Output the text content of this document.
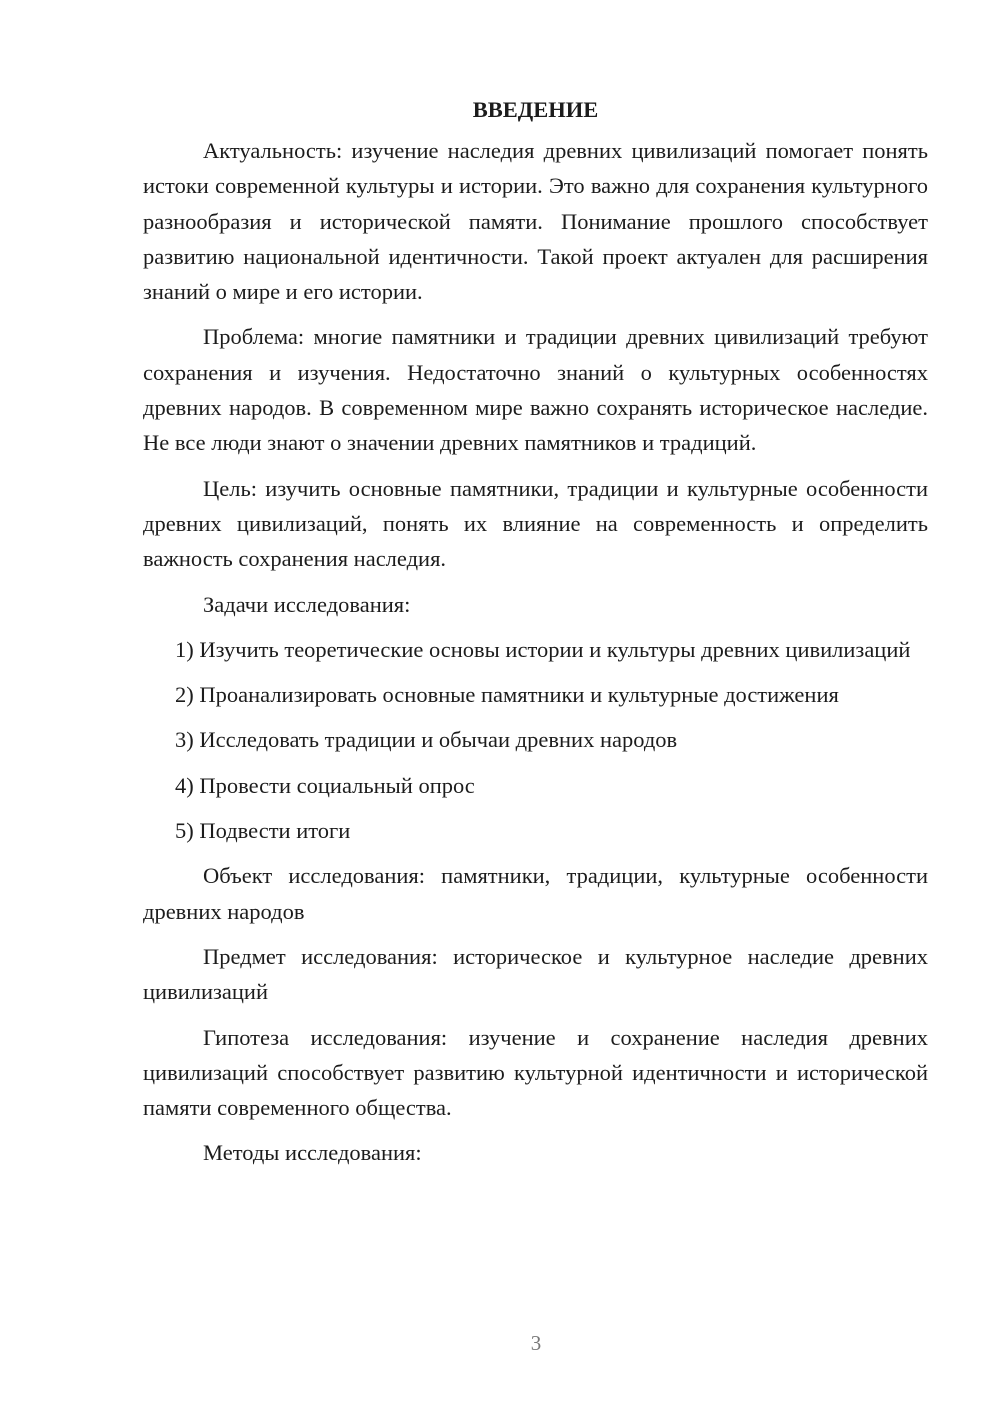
ВВЕДЕНИЕ

Актуальность: изучение наследия древних цивилизаций помогает понять истоки современной культуры и истории. Это важно для сохранения культурного разнообразия и исторической памяти. Понимание прошлого способствует развитию национальной идентичности. Такой проект актуален для расширения знаний о мире и его истории.

Проблема: многие памятники и традиции древних цивилизаций требуют сохранения и изучения. Недостаточно знаний о культурных особенностях древних народов. В современном мире важно сохранять историческое наследие. Не все люди знают о значении древних памятников и традиций.

Цель: изучить основные памятники, традиции и культурные особенности древних цивилизаций, понять их влияние на современность и определить важность сохранения наследия.

Задачи исследования:

1) Изучить теоретические основы истории и культуры древних цивилизаций

2) Проанализировать основные памятники и культурные достижения

3) Исследовать традиции и обычаи древних народов

4) Провести социальный опрос

5) Подвести итоги

Объект исследования: памятники, традиции, культурные особенности древних народов

Предмет исследования: историческое и культурное наследие древних цивилизаций

Гипотеза исследования: изучение и сохранение наследия древних цивилизаций способствует развитию культурной идентичности и исторической памяти современного общества.

Методы исследования:

3
